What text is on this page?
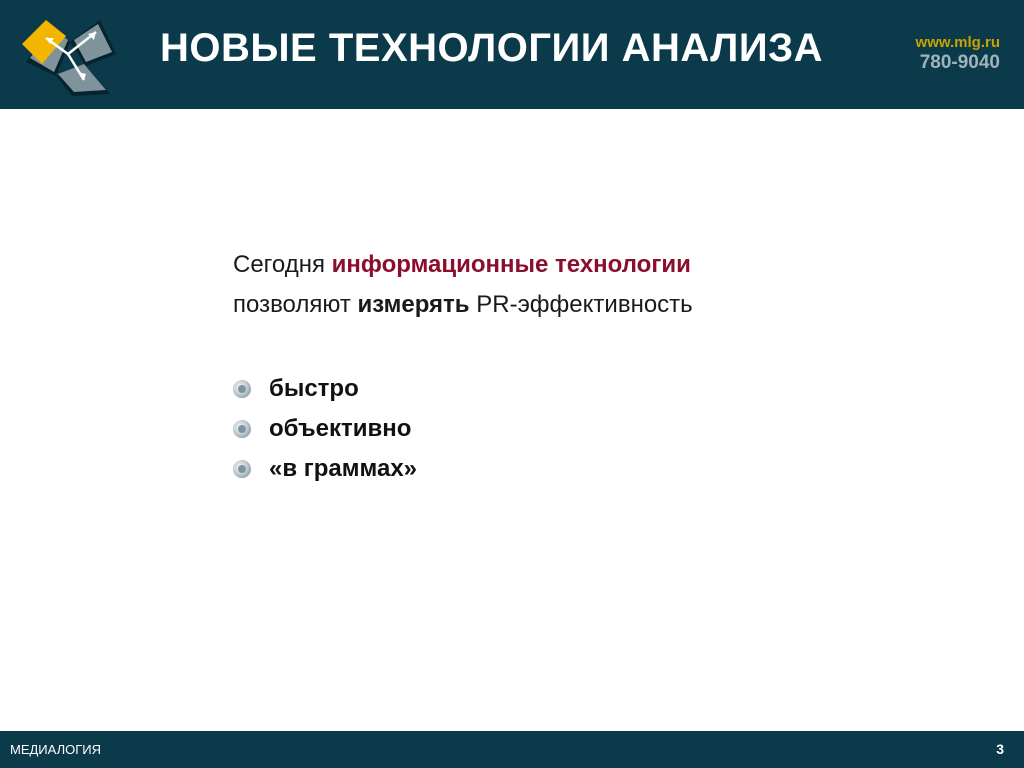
НОВЫЕ ТЕХНОЛОГИИ АНАЛИЗА	www.mlg.ru
780-9040
Сегодня информационные технологии
позволяют измерять PR-эффективность
быстро
объективно
«в граммах»
МЕДИАЛОГИЯ	3
